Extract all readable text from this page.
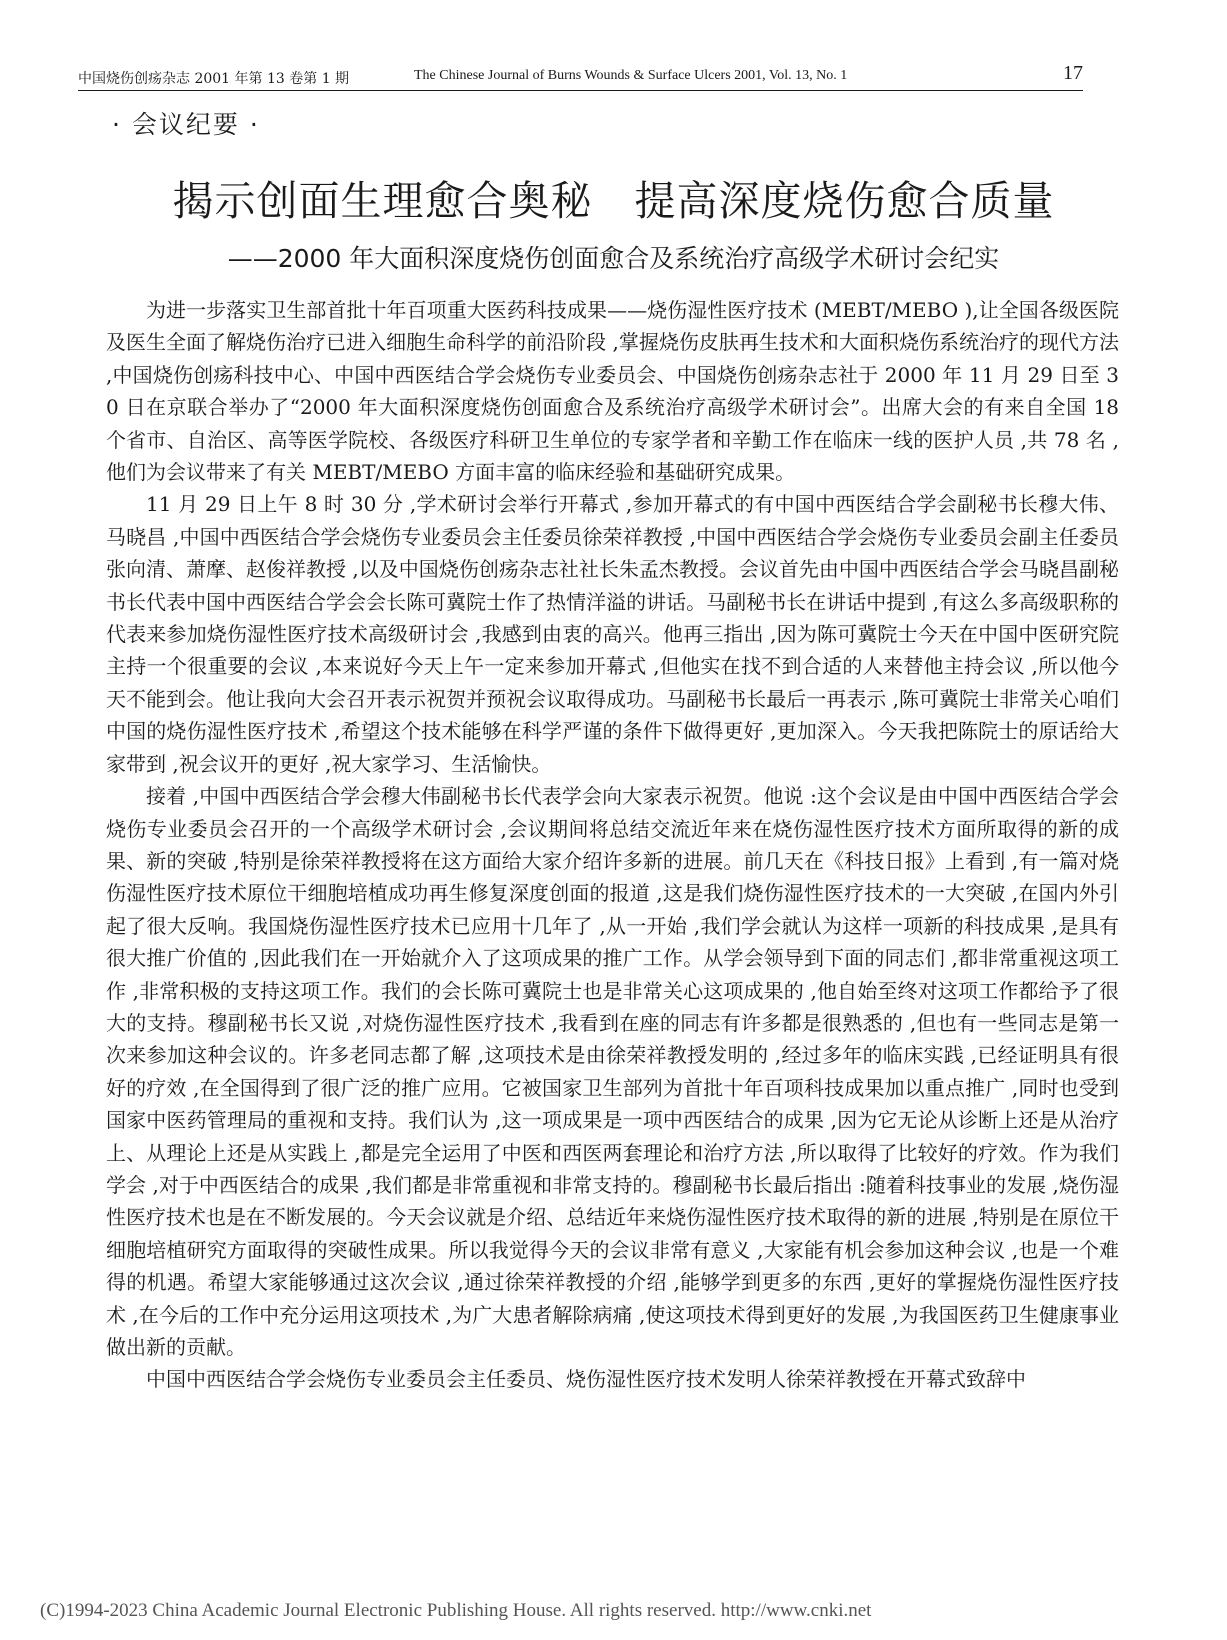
中国烧伤创疡杂志 2001 年第 13 卷第 1 期	The Chinese Journal of Burns Wounds & Surface Ulcers 2001, Vol. 13, No. 1	17
· 会议纪要 ·
揭示创面生理愈合奥秘　提高深度烧伤愈合质量
——2000 年大面积深度烧伤创面愈合及系统治疗高级学术研讨会纪实

为进一步落实卫生部首批十年百项重大医药科技成果——烧伤湿性医疗技术 (MEBT/MEBO ),让全国各级医院及医生全面了解烧伤治疗已进入细胞生命科学的前沿阶段 ,掌握烧伤皮肤再生技术和大面积烧伤系统治疗的现代方法 ,中国烧伤创疡科技中心、中国中西医结合学会烧伤专业委员会、中国烧伤创疡杂志社于 2000 年 11 月 29 日至 30 日在京联合举办了“2000 年大面积深度烧伤创面愈合及系统治疗高级学术研讨会”。出席大会的有来自全国 18 个省市、自治区、高等医学院校、各级医疗科研卫生单位的专家学者和辛勤工作在临床一线的医护人员 ,共 78 名 ,他们为会议带来了有关 MEBT/MEBO 方面丰富的临床经验和基础研究成果。

11 月 29 日上午 8 时 30 分 ,学术研讨会举行开幕式 ,参加开幕式的有中国中西医结合学会副秘书长穆大伟、马晓昌 ,中国中西医结合学会烧伤专业委员会主任委员徐荣祥教授 ,中国中西医结合学会烧伤专业委员会副主任委员张向清、萧摩、赵俊祥教授 ,以及中国烧伤创疡杂志社社长朱孟杰教授。会议首先由中国中西医结合学会马晓昌副秘书长代表中国中西医结合学会会长陈可冀院士作了热情洋溢的讲话。马副秘书长在讲话中提到 ,有这么多高级职称的代表来参加烧伤湿性医疗技术高级研讨会 ,我感到由衷的高兴。他再三指出 ,因为陈可冀院士今天在中国中医研究院主持一个很重要的会议 ,本来说好今天上午一定来参加开幕式 ,但他实在找不到合适的人来替他主持会议 ,所以他今天不能到会。他让我向大会召开表示祝贺并预祝会议取得成功。马副秘书长最后一再表示 ,陈可冀院士非常关心咱们中国的烧伤湿性医疗技术 ,希望这个技术能够在科学严谨的条件下做得更好 ,更加深入。今天我把陈院士的原话给大家带到 ,祝会议开的更好 ,祝大家学习、生活愉快。

接着 ,中国中西医结合学会穆大伟副秘书长代表学会向大家表示祝贺。他说 :这个会议是由中国中西医结合学会烧伤专业委员会召开的一个高级学术研讨会 ,会议期间将总结交流近年来在烧伤湿性医疗技术方面所取得的新的成果、新的突破 ,特别是徐荣祥教授将在这方面给大家介绍许多新的进展。前几天在《科技日报》上看到 ,有一篇对烧伤湿性医疗技术原位干细胞培植成功再生修复深度创面的报道 ,这是我们烧伤湿性医疗技术的一大突破 ,在国内外引起了很大反响。我国烧伤湿性医疗技术已应用十几年了 ,从一开始 ,我们学会就认为这样一项新的科技成果 ,是具有很大推广价值的 ,因此我们在一开始就介入了这项成果的推广工作。从学会领导到下面的同志们 ,都非常重视这项工作 ,非常积极的支持这项工作。我们的会长陈可冀院士也是非常关心这项成果的 ,他自始至终对这项工作都给予了很大的支持。穆副秘书长又说 ,对烧伤湿性医疗技术 ,我看到在座的同志有许多都是很熟悉的 ,但也有一些同志是第一次来参加这种会议的。许多老同志都了解 ,这项技术是由徐荣祥教授发明的 ,经过多年的临床实践 ,已经证明具有很好的疗效 ,在全国得到了很广泛的推广应用。它被国家卫生部列为首批十年百项科技成果加以重点推广 ,同时也受到国家中医药管理局的重视和支持。我们认为 ,这一项成果是一项中西医结合的成果 ,因为它无论从诊断上还是从治疗上、从理论上还是从实践上 ,都是完全运用了中医和西医两套理论和治疗方法 ,所以取得了比较好的疗效。作为我们学会 ,对于中西医结合的成果 ,我们都是非常重视和非常支持的。穆副秘书长最后指出 :随着科技事业的发展 ,烧伤湿性医疗技术也是在不断发展的。今天会议就是介绍、总结近年来烧伤湿性医疗技术取得的新的进展 ,特别是在原位干细胞培植研究方面取得的突破性成果。所以我觉得今天的会议非常有意义 ,大家能有机会参加这种会议 ,也是一个难得的机遇。希望大家能够通过这次会议 ,通过徐荣祥教授的介绍 ,能够学到更多的东西 ,更好的掌握烧伤湿性医疗技术 ,在今后的工作中充分运用这项技术 ,为广大患者解除病痛 ,使这项技术得到更好的发展 ,为我国医药卫生健康事业做出新的贡献。

中国中西医结合学会烧伤专业委员会主任委员、烧伤湿性医疗技术发明人徐荣祥教授在开幕式致辞中

(C)1994-2023 China Academic Journal Electronic Publishing House. All rights reserved. http://www.cnki.net
